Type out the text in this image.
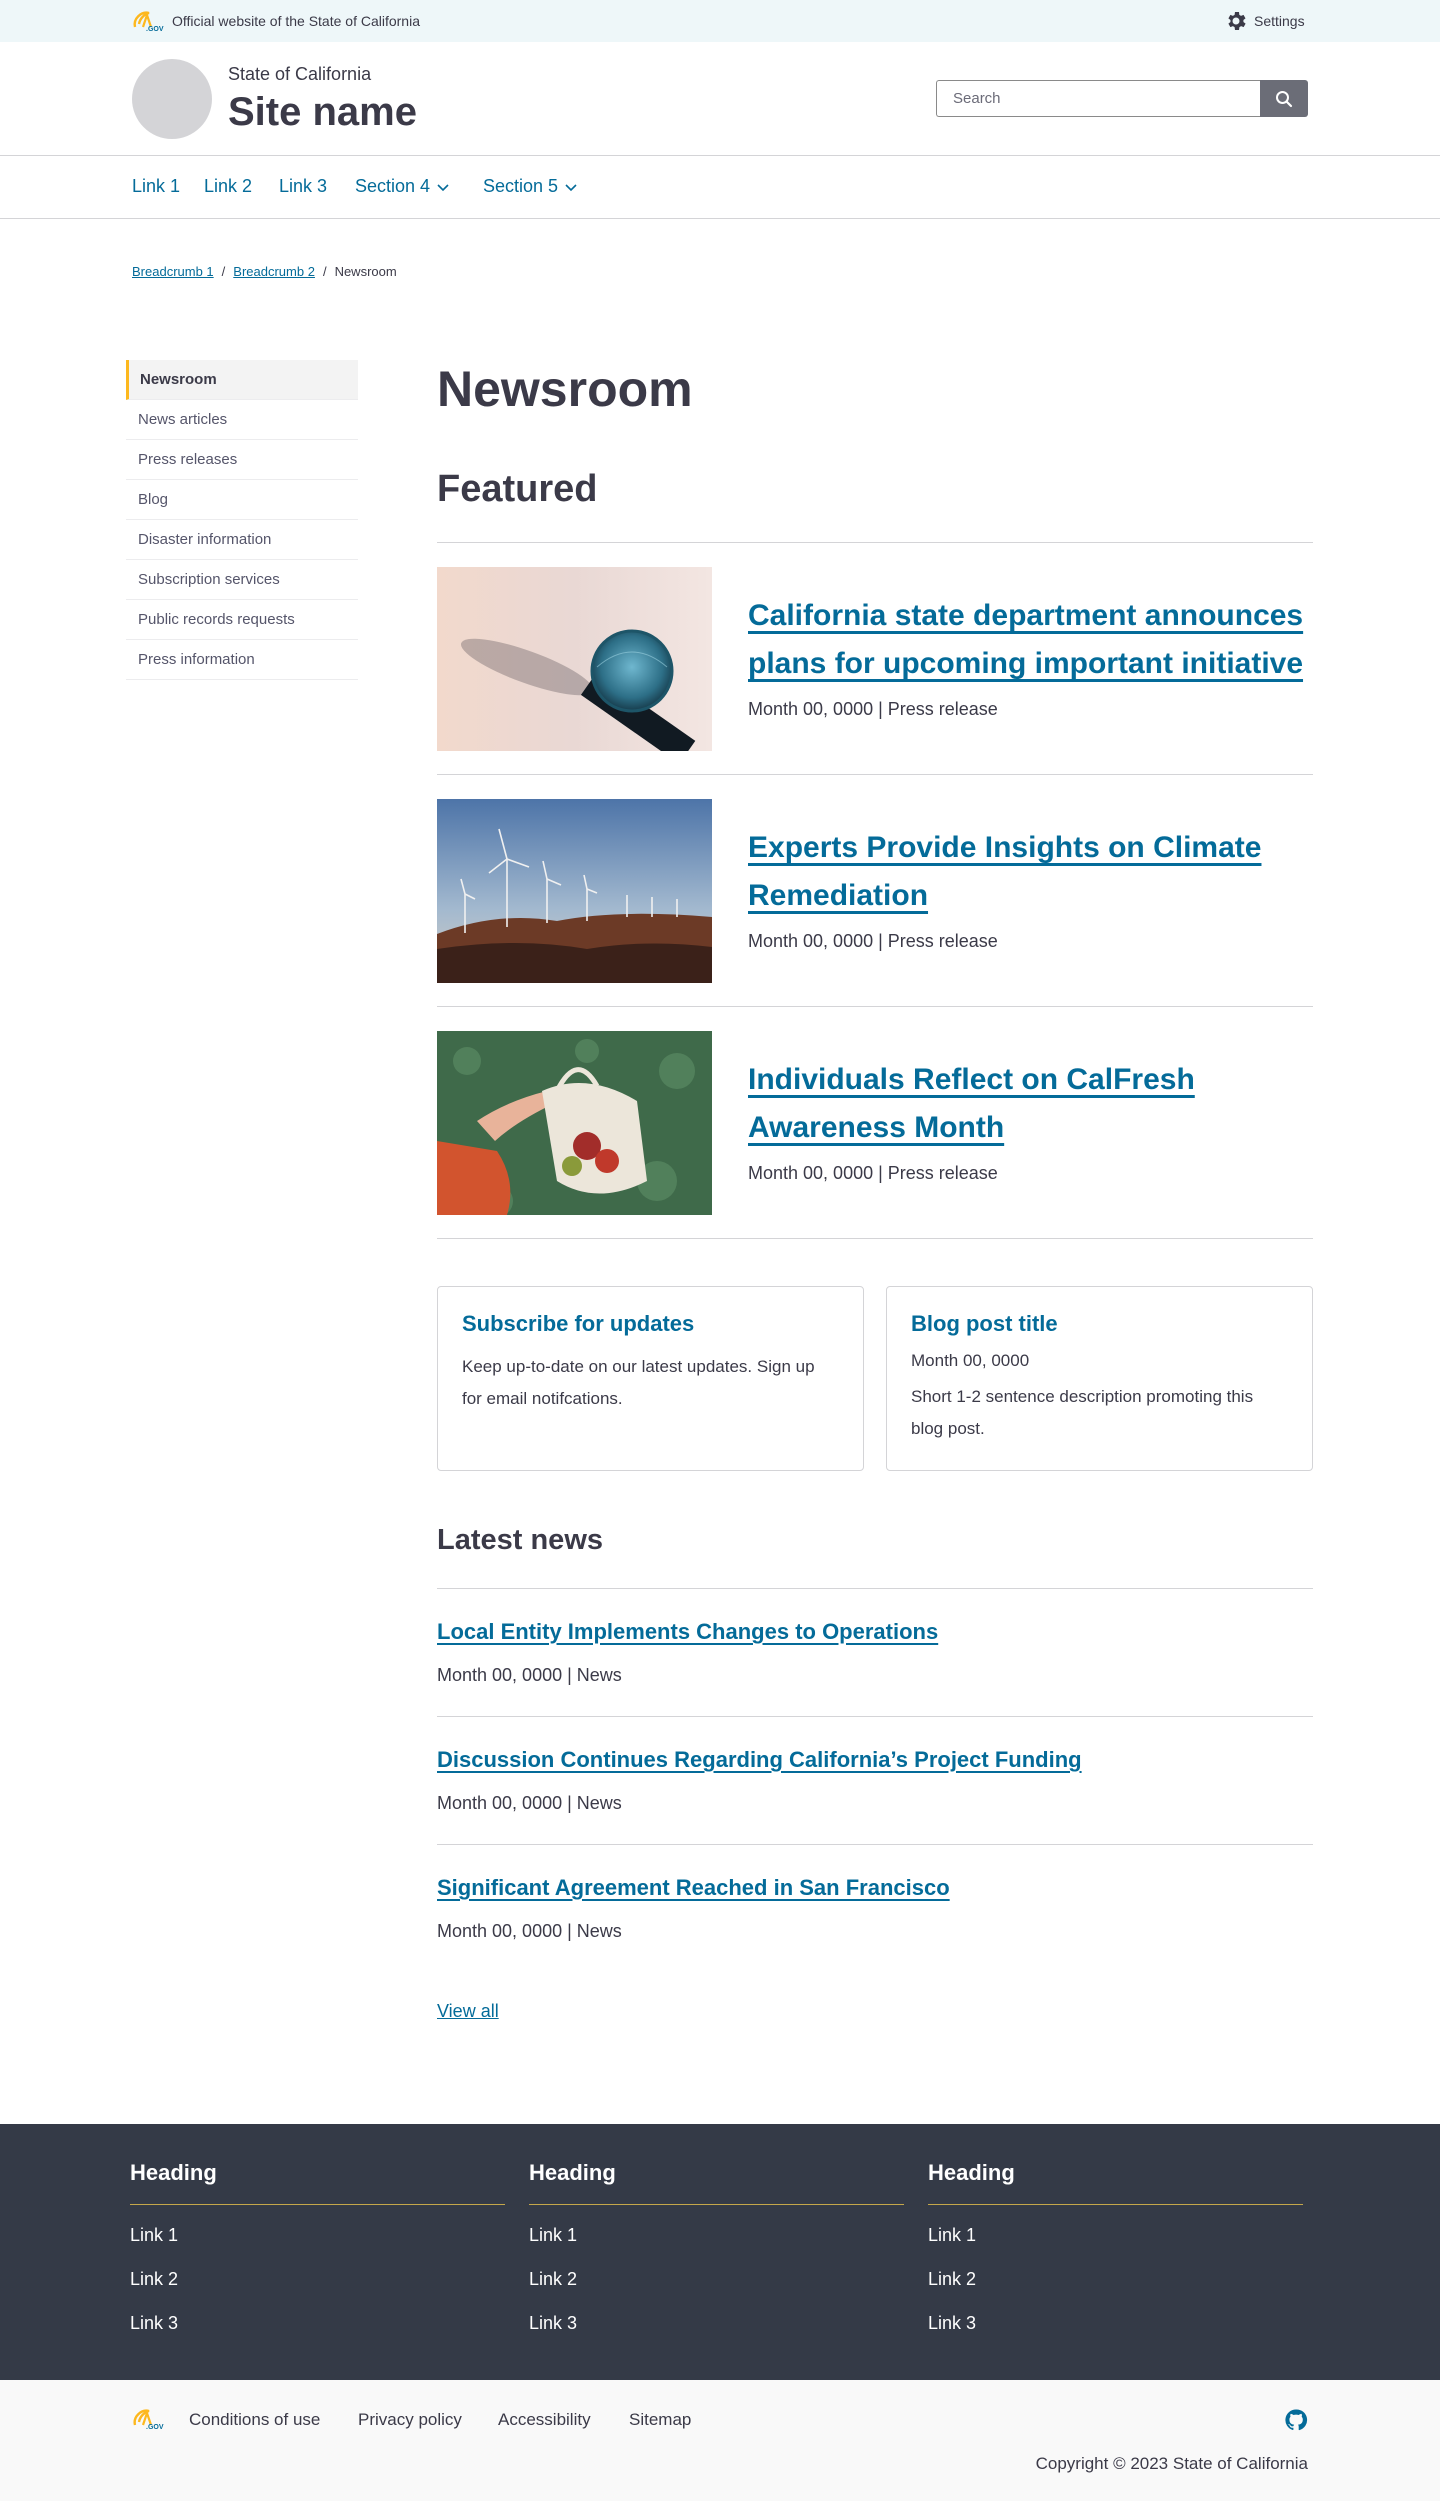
.GOV
Official website of the State of California	Settings
State of California
Site name
Search
Link 1 Link 2 Link 3 Section 4	Section 5
Breadcrumb 1 / Breadcrumb 2 / Newsroom
Newsroom
News articles
Press releases
Blog
Disaster information
Subscription services
Public records requests
Press information
Newsroom
Featured
California state department announces plans for upcoming important initiative
Month 00, 0000 | Press release
Experts Provide Insights on Climate Remediation
Month 00, 0000 | Press release
Individuals Reflect on CalFresh Awareness Month
Month 00, 0000 | Press release
Subscribe for updates
Keep up-to-date on our latest updates. Sign up for email notifcations.
Blog post title
Month 00, 0000
Short 1-2 sentence description promoting this blog post.
Latest news
Local Entity Implements Changes to Operations
Month 00, 0000 | News
Discussion Continues Regarding California’s Project Funding
Month 00, 0000 | News
Significant Agreement Reached in San Francisco
Month 00, 0000 | News
View all
Heading
Link 1
Link 2
Link 3
Heading
Link 1
Link 2
Link 3
Heading
Link 1
Link 2
Link 3
.GOV Conditions of use Privacy policy Accessibility Sitemap
Copyright © 2023 State of California
